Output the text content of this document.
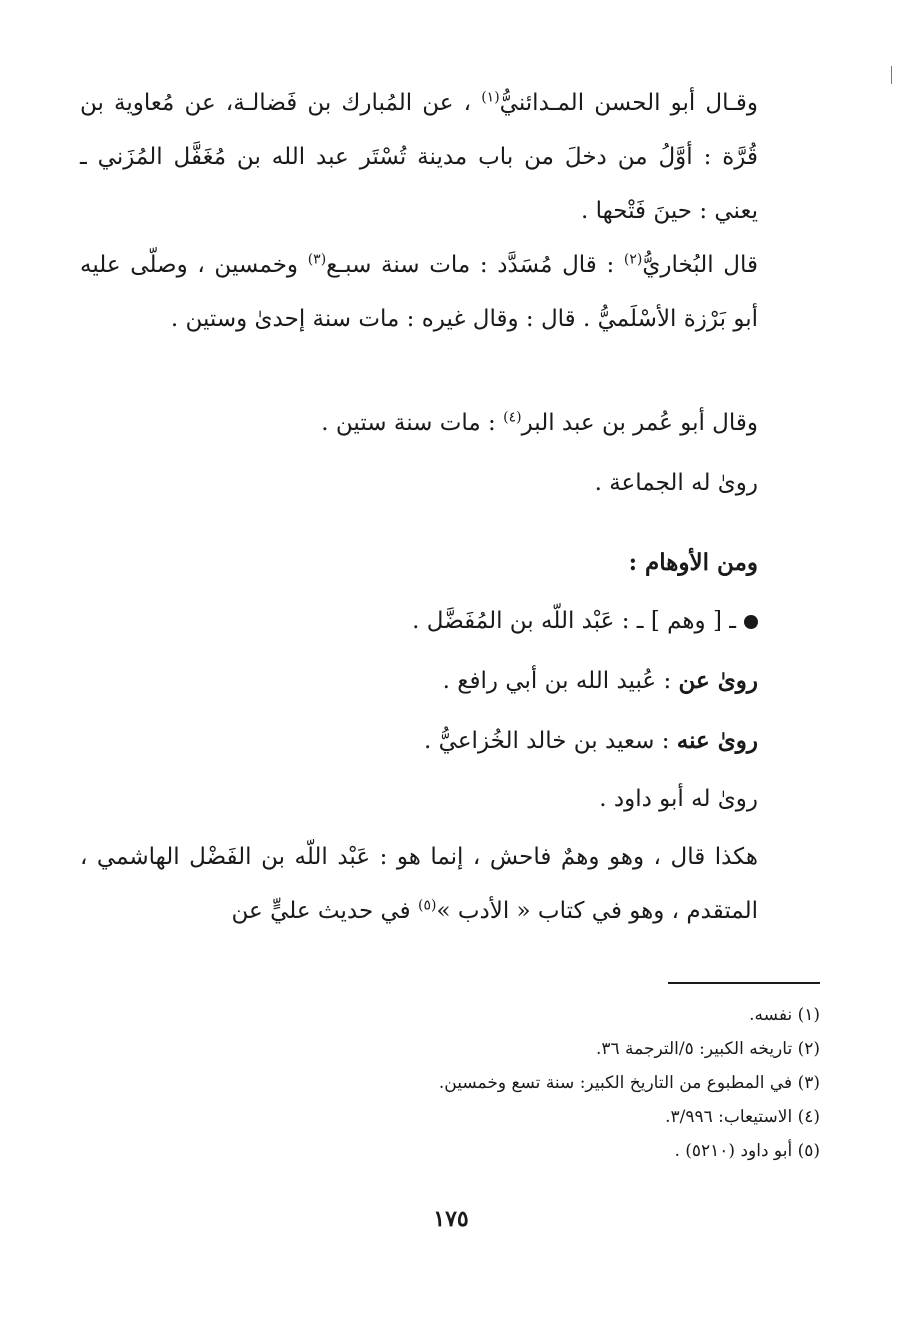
وقـال أبو الحسن المـدائنيُّ$^{(١)}$ ، عن المُبارك بن فَضالـة، عن مُعاوية بن قُرَّة : أوَّلُ من دخلَ من باب مدينة تُسْتَر عبد الله بن مُغَفَّل المُزَني ـ يعني : حينَ فَتْحها .

قال البُخاريُّ$^{(٢)}$ : قال مُسَدَّد : مات سنة سبـع$^{(٣)}$ وخمسين ، وصلّى عليه أبو بَرْزة الأسْلَميُّ . قال : وقال غيره : مات سنة إحدىٰ وستين .

وقال أبو عُمر بن عبد البر$^{(٤)}$ : مات سنة ستين .

روىٰ له الجماعة .

ومن الأوهام :

ـ [ وهم ] ـ : عَبْد اللّه بن المُفَضَّل .

روىٰ عن : عُبيد الله بن أبي رافع .

روىٰ عنه : سعيد بن خالد الخُزاعيُّ .

روىٰ له أبو داود .

هكذا قال ، وهو وهمٌ فاحش ، إنما هو : عَبْد اللّه بن الفَضْل الهاشمي ، المتقدم ، وهو في كتاب « الأدب »$^{(٥)}$ في حديث عليٍّ عن

(١) نفسه.

(٢) تاريخه الكبير: ٥/الترجمة ٣٦.

(٣) في المطبوع من التاريخ الكبير: سنة تسع وخمسين.

(٤) الاستيعاب: ٣/٩٩٦.

(٥) أبو داود (٥٢١٠) .

١٧٥
